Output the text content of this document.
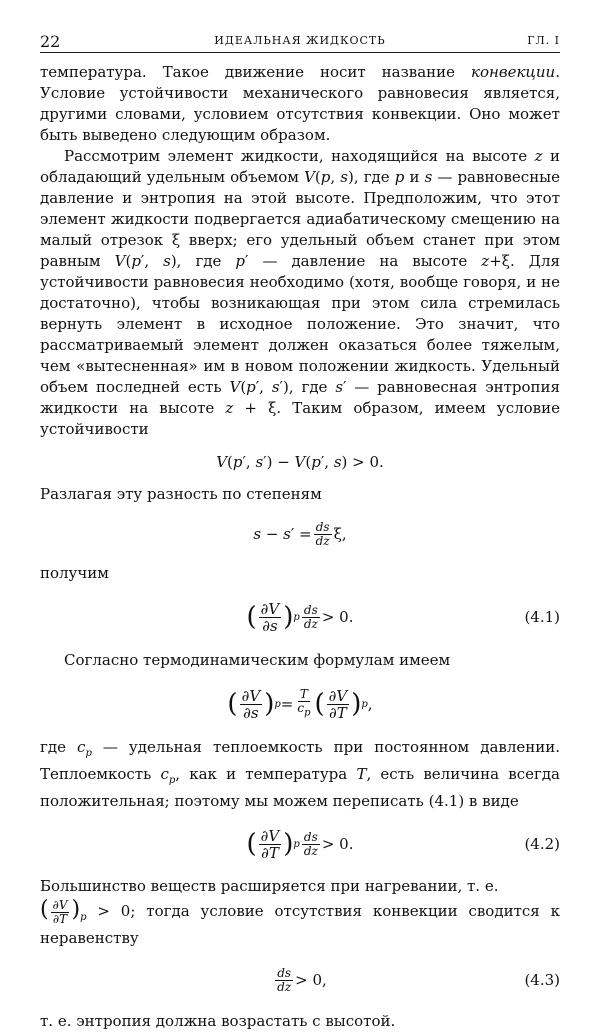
22	ИДЕАЛЬНАЯ ЖИДКОСТЬ	ГЛ. I

температура. Такое движение носит название конвекции. Условие устойчивости механического равновесия является, другими словами, условием отсутствия конвекции. Оно может быть выведено следующим образом.

Рассмотрим элемент жидкости, находящийся на высоте z и обладающий удельным объемом V(p, s), где p и s — равновесные давление и энтропия на этой высоте. Предположим, что этот элемент жидкости подвергается адиабатическому смещению на малый отрезок ξ вверх; его удельный объем станет при этом равным V(p′, s), где p′ — давление на высоте z+ξ. Для устойчивости равновесия необходимо (хотя, вообще говоря, и не достаточно), чтобы возникающая при этом сила стремилась вернуть элемент в исходное положение. Это значит, что рассматриваемый элемент должен оказаться более тяжелым, чем «вытесненная» им в новом положении жидкость. Удельный объем последней есть V(p′, s′), где s′ — равновесная энтропия жидкости на высоте z + ξ. Таким образом, имеем условие устойчивости

V(p′, s′) − V(p′, s) > 0.

Разлагая эту разность по степеням

$s - s' = \frac{ds}{dz} \xi$,

получим

( $\frac{\partial V}{\partial s}$ ) p $\frac{ds}{dz} > 0$.	(4.1)

Согласно термодинамическим формулам имеем

( $\frac{\partial V}{\partial s}$ ) $p = \frac{T}{c_p}$ ( $\frac{\partial V}{\partial T}$ ) p ,

где $c_p$ — удельная теплоемкость при постоянном давлении. Теплоемкость $c_p$, как и температура T, есть величина всегда положительная; поэтому мы можем переписать (4.1) в виде

( $\frac{\partial V}{\partial T}$ ) p $\frac{ds}{dz} > 0$.	(4.2)

Большинство веществ расширяется при нагревании, т. е.
( $\frac{\partial V}{\partial T} )_p > 0$; тогда условие отсутствия конвекции сводится к неравенству

$\frac{ds}{dz} > 0$,	(4.3)

т. е. энтропия должна возрастать с высотой.
